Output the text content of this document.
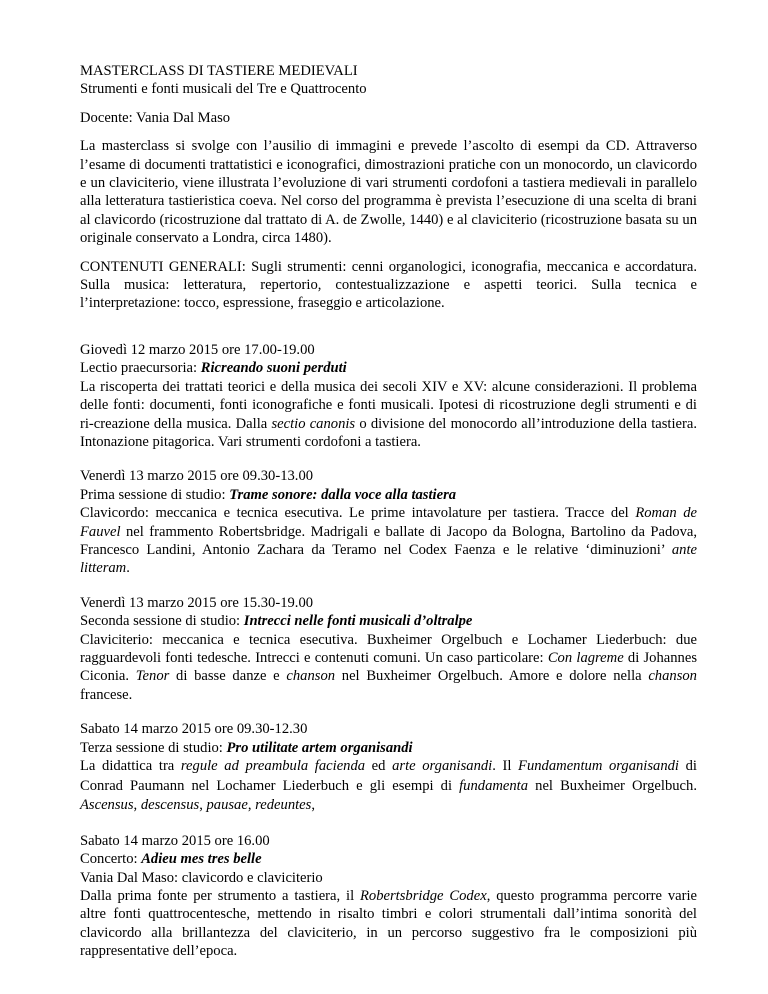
MASTERCLASS DI TASTIERE MEDIEVALI

Strumenti e fonti musicali del Tre e Quattrocento

Docente: Vania Dal Maso

La masterclass si svolge con l’ausilio di immagini e prevede l’ascolto di esempi da CD. Attraverso l’esame di documenti trattatistici e iconografici, dimostrazioni pratiche con un monocordo, un clavicordo e un claviciterio, viene illustrata l’evoluzione di vari strumenti cordofoni a tastiera medievali in parallelo alla letteratura tastieristica coeva. Nel corso del programma è prevista l’esecuzione di una scelta di brani al clavicordo (ricostruzione dal trattato di A. de Zwolle, 1440) e al claviciterio (ricostruzione basata su un originale conservato a Londra, circa 1480).

CONTENUTI GENERALI: Sugli strumenti: cenni organologici, iconografia, meccanica e accordatura. Sulla musica: letteratura, repertorio, contestualizzazione e aspetti teorici. Sulla tecnica e l’interpretazione: tocco, espressione, fraseggio e articolazione.

Giovedì 12 marzo 2015 ore 17.00-19.00

Lectio praecursoria: Ricreando suoni perduti

La riscoperta dei trattati teorici e della musica dei secoli XIV e XV: alcune considerazioni. Il problema delle fonti: documenti, fonti iconografiche e fonti musicali. Ipotesi di ricostruzione degli strumenti e di ri-creazione della musica. Dalla sectio canonis o divisione del monocordo all’introduzione della tastiera. Intonazione pitagorica. Vari strumenti cordofoni a tastiera.

Venerdì 13 marzo 2015 ore 09.30-13.00

Prima sessione di studio: Trame sonore: dalla voce alla tastiera

Clavicordo: meccanica e tecnica esecutiva. Le prime intavolature per tastiera. Tracce del Roman de Fauvel nel frammento Robertsbridge. Madrigali e ballate di Jacopo da Bologna, Bartolino da Padova, Francesco Landini, Antonio Zachara da Teramo nel Codex Faenza e le relative ‘diminuzioni’ ante litteram.

Venerdì 13 marzo 2015 ore 15.30-19.00

Seconda sessione di studio: Intrecci nelle fonti musicali d’oltralpe

Claviciterio: meccanica e tecnica esecutiva. Buxheimer Orgelbuch e Lochamer Liederbuch: due ragguardevoli fonti tedesche. Intrecci e contenuti comuni. Un caso particolare: Con lagreme di Johannes Ciconia. Tenor di basse danze e chanson nel Buxheimer Orgelbuch. Amore e dolore nella chanson francese.

Sabato 14 marzo 2015 ore 09.30-12.30

Terza sessione di studio: Pro utilitate artem organisandi

La didattica tra regule ad preambula facienda ed arte organisandi. Il Fundamentum organisandi di Conrad Paumann nel Lochamer Liederbuch e gli esempi di fundamenta nel Buxheimer Orgelbuch. Ascensus, descensus, pausae, redeuntes,

Sabato 14 marzo 2015 ore 16.00

Concerto: Adieu mes tres belle

Vania Dal Maso: clavicordo e claviciterio

Dalla prima fonte per strumento a tastiera, il Robertsbridge Codex, questo programma percorre varie altre fonti quattrocentesche, mettendo in risalto timbri e colori strumentali dall’intima sonorità del clavicordo alla brillantezza del claviciterio, in un percorso suggestivo fra le composizioni più rappresentative dell’epoca.
